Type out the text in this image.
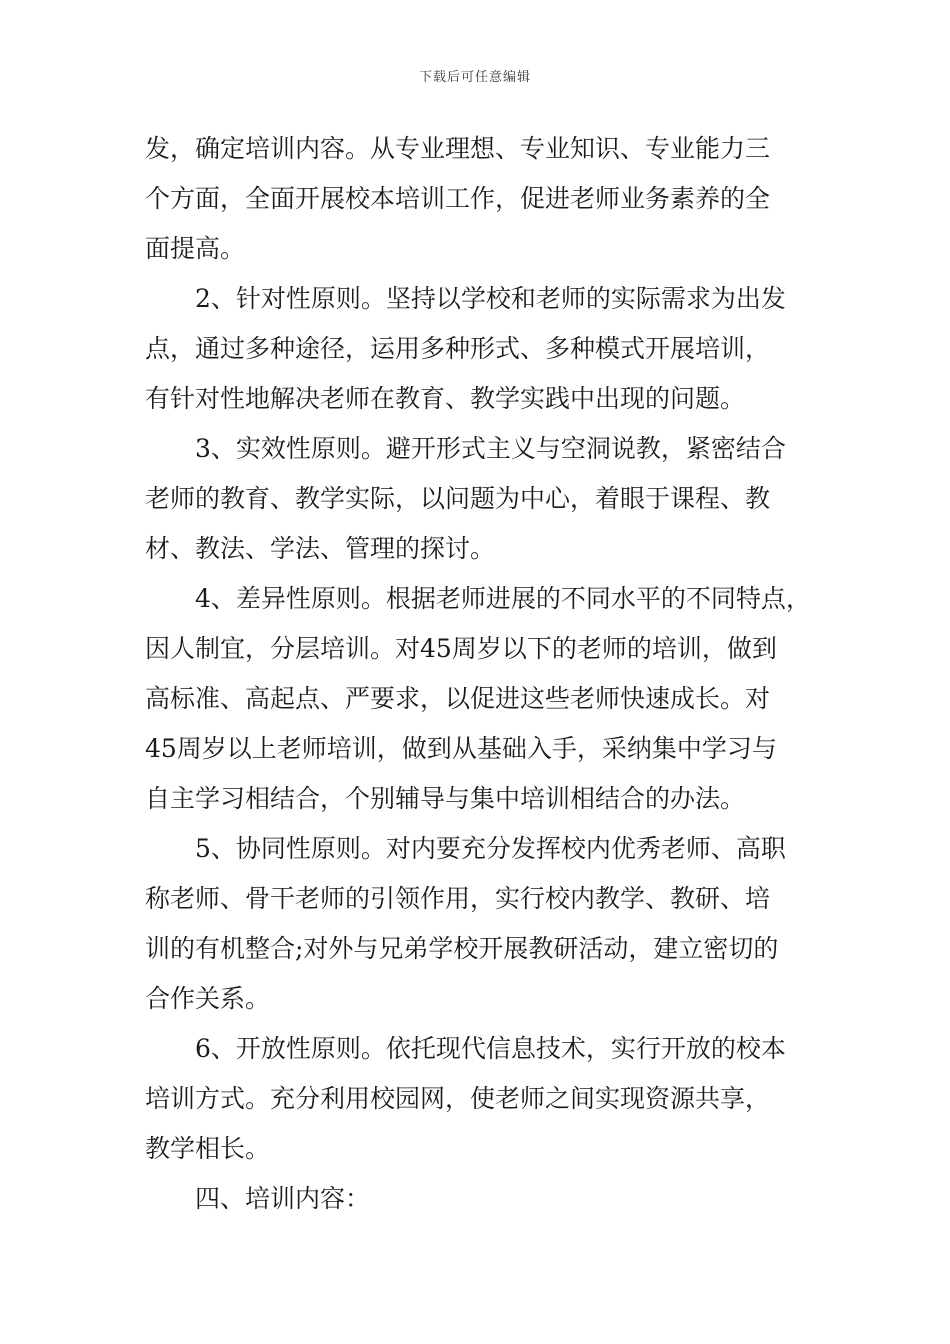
下载后可任意编辑
发，确定培训内容。从专业理想、专业知识、专业能力三
个方面，全面开展校本培训工作，促进老师业务素养的全
面提高。
2、针对性原则。坚持以学校和老师的实际需求为出发
点，通过多种途径，运用多种形式、多种模式开展培训，
有针对性地解决老师在教育、教学实践中出现的问题。
3、实效性原则。避开形式主义与空洞说教，紧密结合
老师的教育、教学实际，以问题为中心，着眼于课程、教
材、教法、学法、管理的探讨。
4、差异性原则。根据老师进展的不同水平的不同特点，
因人制宜，分层培训。对45周岁以下的老师的培训，做到
高标准、高起点、严要求，以促进这些老师快速成长。对
45周岁以上老师培训，做到从基础入手，采纳集中学习与
自主学习相结合，个别辅导与集中培训相结合的办法。
5、协同性原则。对内要充分发挥校内优秀老师、高职
称老师、骨干老师的引领作用，实行校内教学、教研、培
训的有机整合;对外与兄弟学校开展教研活动，建立密切的
合作关系。
6、开放性原则。依托现代信息技术，实行开放的校本
培训方式。充分利用校园网，使老师之间实现资源共享，
教学相长。
四、培训内容：
